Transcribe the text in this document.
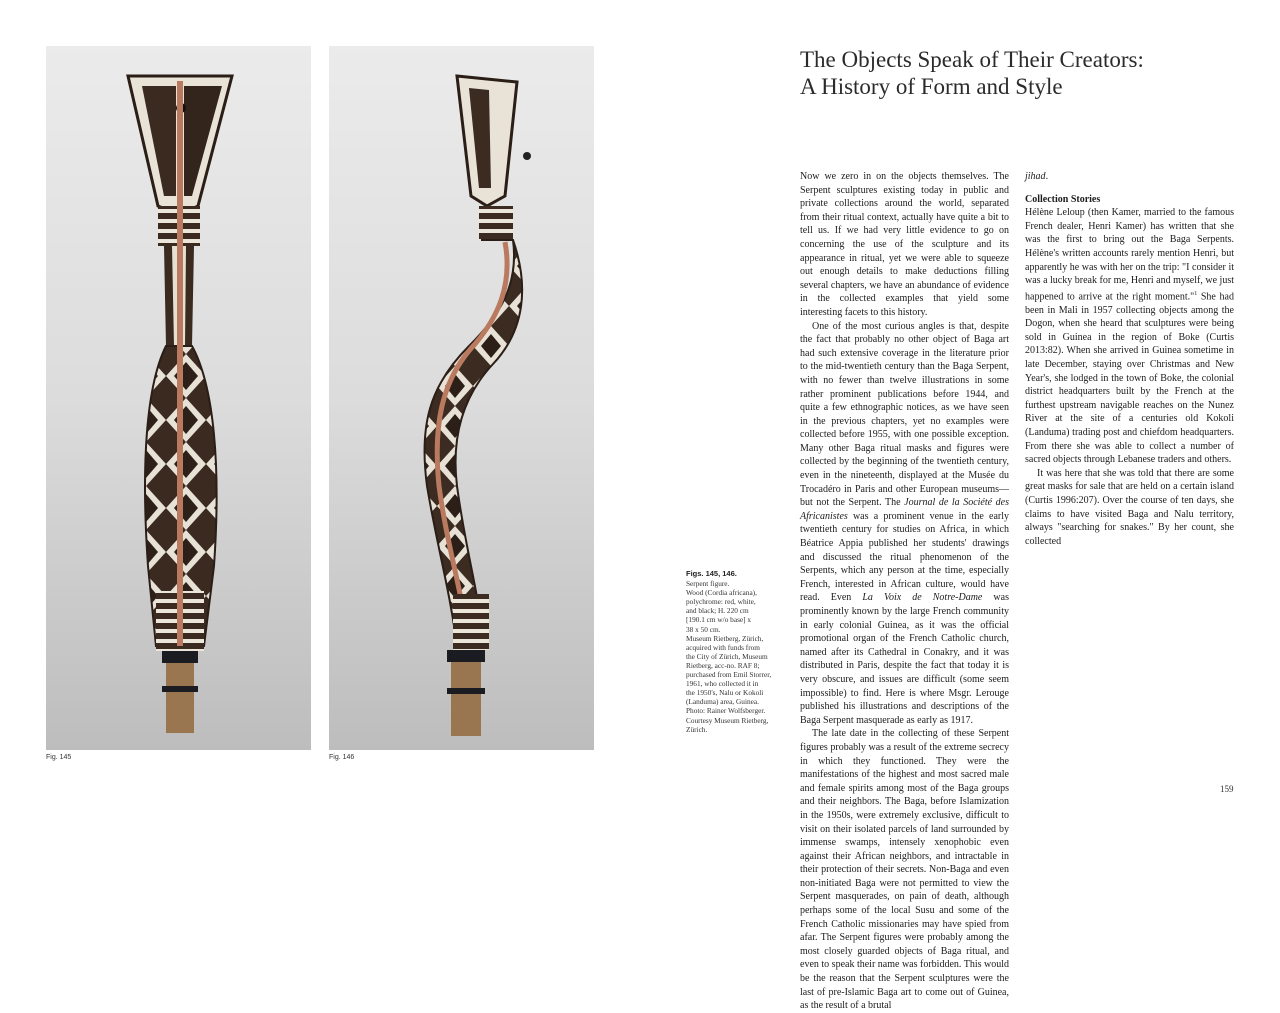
Fig. 145	Fig. 146
Figs. 145, 146.
Serpent figure.
Wood (Cordia africana),
polychrome: red, white,
and black; H. 220 cm
[190.1 cm w/o base] x
38 x 50 cm.
Museum Rietberg, Zürich,
acquired with funds from
the City of Zürich, Museum
Rietberg, acc-no. RAF 8;
purchased from Emil Storrer,
1961, who collected it in
the 1950's, Nalu or Kokoli
(Landuma) area, Guinea.
Photo: Rainer Wolfsberger.
Courtesy Museum Rietberg,
Zürich.
The Objects Speak of Their Creators:
A History of Form and Style

Now we zero in on the objects themselves. The Serpent sculptures existing today in public and private collections around the world, separated from their ritual context, actually have quite a bit to tell us. If we had very little evidence to go on concerning the use of the sculpture and its appearance in ritual, yet we were able to squeeze out enough details to make deductions filling several chapters, we have an abundance of evidence in the collected examples that yield some interesting facets to this history.

One of the most curious angles is that, despite the fact that probably no other object of Baga art had such extensive coverage in the literature prior to the mid-twentieth century than the Baga Serpent, with no fewer than twelve illustrations in some rather prominent publications before 1944, and quite a few ethnographic notices, as we have seen in the previous chapters, yet no examples were collected before 1955, with one possible exception. Many other Baga ritual masks and figures were collected by the beginning of the twentieth century, even in the nineteenth, displayed at the Musée du Trocadéro in Paris and other European museums—but not the Serpent. The Journal de la Société des Africanistes was a prominent venue in the early twentieth century for studies on Africa, in which Béatrice Appia published her students' drawings and discussed the ritual phenomenon of the Serpents, which any person at the time, especially French, interested in African culture, would have read. Even La Voix de Notre-Dame was prominently known by the large French community in early colonial Guinea, as it was the official promotional organ of the French Catholic church, named after its Cathedral in Conakry, and it was distributed in Paris, despite the fact that today it is very obscure, and issues are difficult (some seem impossible) to find. Here is where Msgr. Lerouge published his illustrations and descriptions of the Baga Serpent masquerade as early as 1917.

The late date in the collecting of these Serpent figures probably was a result of the extreme secrecy in which they functioned. They were the manifestations of the highest and most sacred male and female spirits among most of the Baga groups and their neighbors. The Baga, before Islamization in the 1950s, were extremely exclusive, difficult to visit on their isolated parcels of land surrounded by immense swamps, intensely xenophobic even against their African neighbors, and intractable in their protection of their secrets. Non-Baga and even non-initiated Baga were not permitted to view the Serpent masquerades, on pain of death, although perhaps some of the local Susu and some of the French Catholic missionaries may have spied from afar. The Serpent figures were probably among the most closely guarded objects of Baga ritual, and even to speak their name was forbidden. This would be the reason that the Serpent sculptures were the last of pre-Islamic Baga art to come out of Guinea, as the result of a brutal

jihad.

Collection Stories

Hélène Leloup (then Kamer, married to the famous French dealer, Henri Kamer) has written that she was the first to bring out the Baga Serpents. Hélène's written accounts rarely mention Henri, but apparently he was with her on the trip: "I consider it was a lucky break for me, Henri and myself, we just happened to arrive at the right moment."$^1$ She had been in Mali in 1957 collecting objects among the Dogon, when she heard that sculptures were being sold in Guinea in the region of Boke (Curtis 2013:82). When she arrived in Guinea sometime in late December, staying over Christmas and New Year's, she lodged in the town of Boke, the colonial district headquarters built by the French at the furthest upstream navigable reaches on the Nunez River at the site of a centuries old Kokoli (Landuma) trading post and chiefdom headquarters. From there she was able to collect a number of sacred objects through Lebanese traders and others.

It was here that she was told that there are some great masks for sale that are held on a certain island (Curtis 1996:207). Over the course of ten days, she claims to have visited Baga and Nalu territory, always "searching for snakes." By her count, she collected

159
